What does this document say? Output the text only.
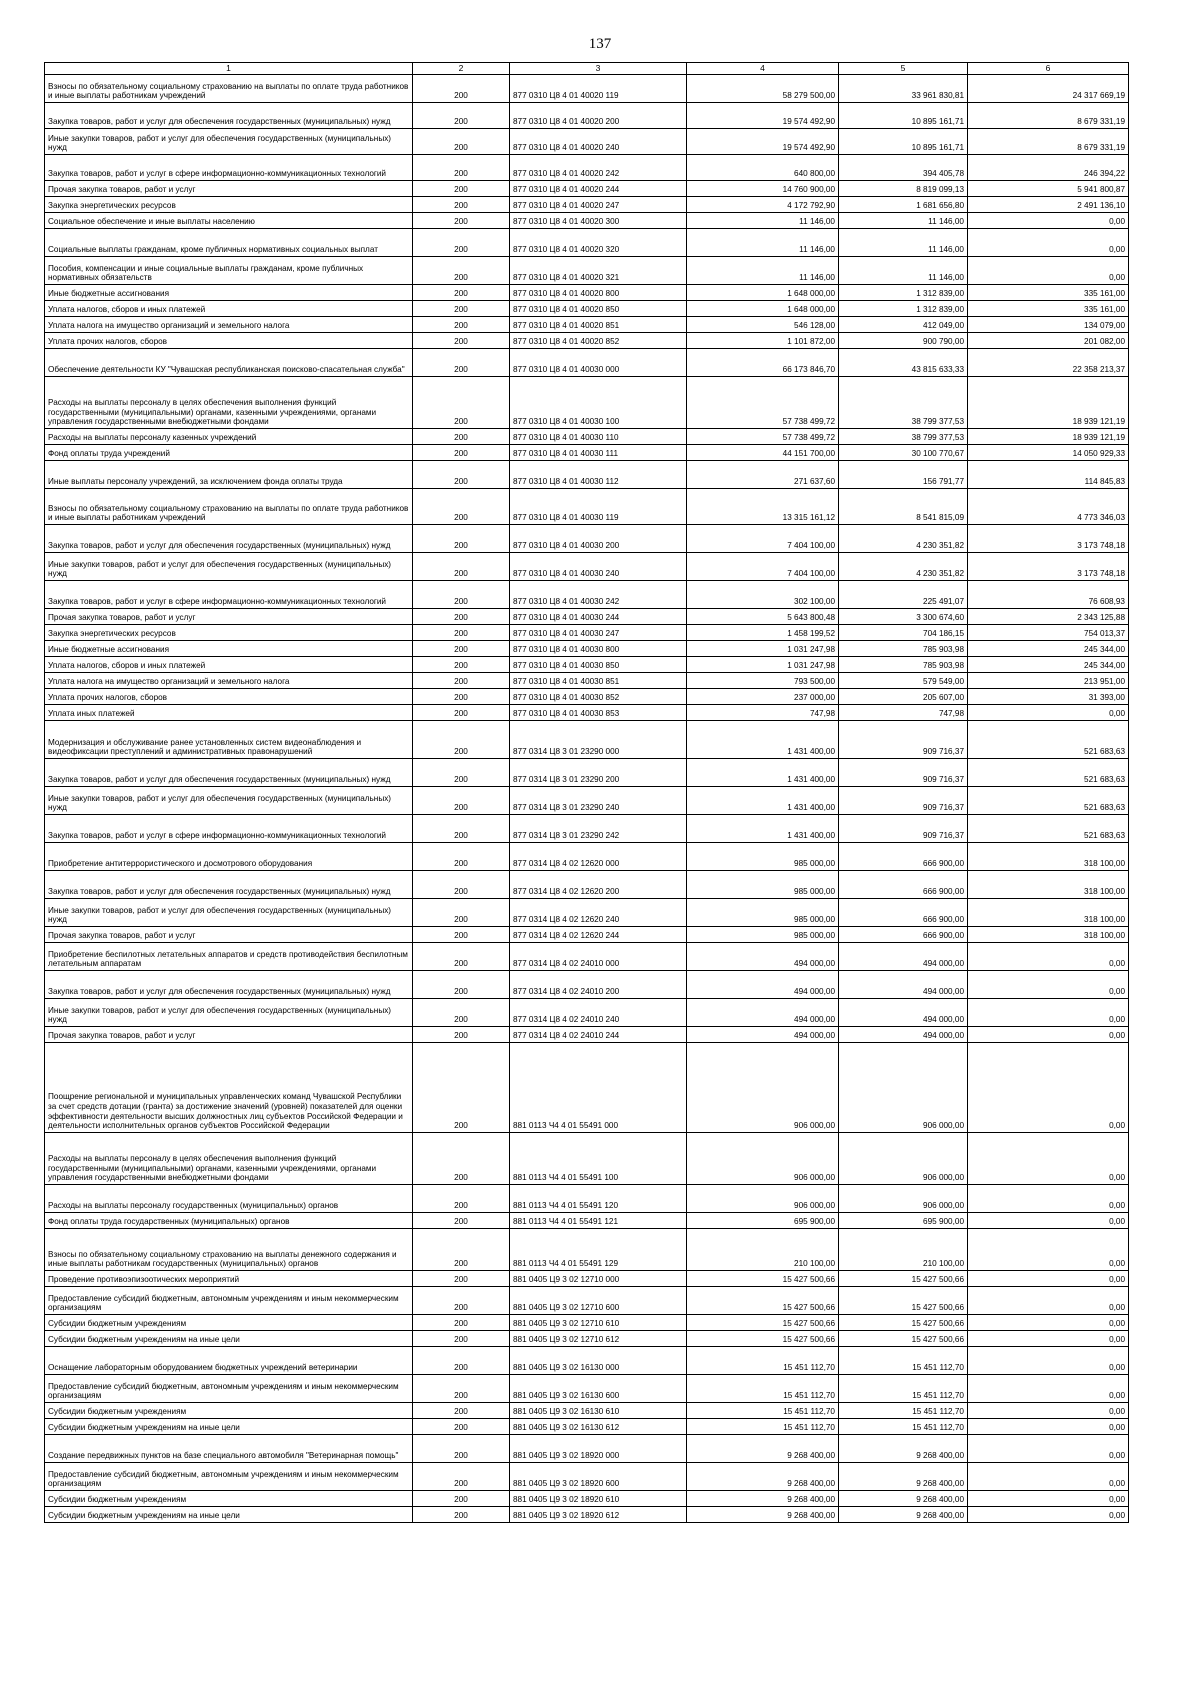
137
1	2	3	4	5	6
Взносы по обязательному социальному страхованию на выплаты по оплате труда работников и иные выплаты работникам учреждений	200	877 0310 Ц8 4 01 40020 119	58 279 500,00	33 961 830,81	24 317 669,19
Закупка товаров, работ и услуг для обеспечения государственных (муниципальных) нужд	200	877 0310 Ц8 4 01 40020 200	19 574 492,90	10 895 161,71	8 679 331,19
Иные закупки товаров, работ и услуг для обеспечения государственных (муниципальных) нужд	200	877 0310 Ц8 4 01 40020 240	19 574 492,90	10 895 161,71	8 679 331,19
Закупка товаров, работ и услуг в сфере информационно-коммуникационных технологий	200	877 0310 Ц8 4 01 40020 242	640 800,00	394 405,78	246 394,22
Прочая закупка товаров, работ и услуг	200	877 0310 Ц8 4 01 40020 244	14 760 900,00	8 819 099,13	5 941 800,87
Закупка энергетических ресурсов	200	877 0310 Ц8 4 01 40020 247	4 172 792,90	1 681 656,80	2 491 136,10
Социальное обеспечение и иные выплаты населению	200	877 0310 Ц8 4 01 40020 300	11 146,00	11 146,00	0,00
Социальные выплаты гражданам, кроме публичных нормативных социальных выплат	200	877 0310 Ц8 4 01 40020 320	11 146,00	11 146,00	0,00
Пособия, компенсации и иные социальные выплаты гражданам, кроме публичных нормативных обязательств	200	877 0310 Ц8 4 01 40020 321	11 146,00	11 146,00	0,00
Иные бюджетные ассигнования	200	877 0310 Ц8 4 01 40020 800	1 648 000,00	1 312 839,00	335 161,00
Уплата налогов, сборов и иных платежей	200	877 0310 Ц8 4 01 40020 850	1 648 000,00	1 312 839,00	335 161,00
Уплата налога на имущество организаций и земельного налога	200	877 0310 Ц8 4 01 40020 851	546 128,00	412 049,00	134 079,00
Уплата прочих налогов, сборов	200	877 0310 Ц8 4 01 40020 852	1 101 872,00	900 790,00	201 082,00
Обеспечение деятельности КУ "Чувашская республиканская поисково-спасательная служба"	200	877 0310 Ц8 4 01 40030 000	66 173 846,70	43 815 633,33	22 358 213,37
Расходы на выплаты персоналу в целях обеспечения выполнения функций государственными (муниципальными) органами, казенными учреждениями, органами управления государственными внебюджетными фондами	200	877 0310 Ц8 4 01 40030 100	57 738 499,72	38 799 377,53	18 939 121,19
Расходы на выплаты персоналу казенных учреждений	200	877 0310 Ц8 4 01 40030 110	57 738 499,72	38 799 377,53	18 939 121,19
Фонд оплаты труда учреждений	200	877 0310 Ц8 4 01 40030 111	44 151 700,00	30 100 770,67	14 050 929,33
Иные выплаты персоналу учреждений, за исключением фонда оплаты труда	200	877 0310 Ц8 4 01 40030 112	271 637,60	156 791,77	114 845,83
Взносы по обязательному социальному страхованию на выплаты по оплате труда работников и иные выплаты работникам учреждений	200	877 0310 Ц8 4 01 40030 119	13 315 161,12	8 541 815,09	4 773 346,03
Закупка товаров, работ и услуг для обеспечения государственных (муниципальных) нужд	200	877 0310 Ц8 4 01 40030 200	7 404 100,00	4 230 351,82	3 173 748,18
Иные закупки товаров, работ и услуг для обеспечения государственных (муниципальных) нужд	200	877 0310 Ц8 4 01 40030 240	7 404 100,00	4 230 351,82	3 173 748,18
Закупка товаров, работ и услуг в сфере информационно-коммуникационных технологий	200	877 0310 Ц8 4 01 40030 242	302 100,00	225 491,07	76 608,93
Прочая закупка товаров, работ и услуг	200	877 0310 Ц8 4 01 40030 244	5 643 800,48	3 300 674,60	2 343 125,88
Закупка энергетических ресурсов	200	877 0310 Ц8 4 01 40030 247	1 458 199,52	704 186,15	754 013,37
Иные бюджетные ассигнования	200	877 0310 Ц8 4 01 40030 800	1 031 247,98	785 903,98	245 344,00
Уплата налогов, сборов и иных платежей	200	877 0310 Ц8 4 01 40030 850	1 031 247,98	785 903,98	245 344,00
Уплата налога на имущество организаций и земельного налога	200	877 0310 Ц8 4 01 40030 851	793 500,00	579 549,00	213 951,00
Уплата прочих налогов, сборов	200	877 0310 Ц8 4 01 40030 852	237 000,00	205 607,00	31 393,00
Уплата иных платежей	200	877 0310 Ц8 4 01 40030 853	747,98	747,98	0,00
Модернизация и обслуживание ранее установленных систем видеонаблюдения и видеофиксации преступлений и административных правонарушений	200	877 0314 Ц8 3 01 23290 000	1 431 400,00	909 716,37	521 683,63
Закупка товаров, работ и услуг для обеспечения государственных (муниципальных) нужд	200	877 0314 Ц8 3 01 23290 200	1 431 400,00	909 716,37	521 683,63
Иные закупки товаров, работ и услуг для обеспечения государственных (муниципальных) нужд	200	877 0314 Ц8 3 01 23290 240	1 431 400,00	909 716,37	521 683,63
Закупка товаров, работ и услуг в сфере информационно-коммуникационных технологий	200	877 0314 Ц8 3 01 23290 242	1 431 400,00	909 716,37	521 683,63
Приобретение антитеррористического и досмотрового оборудования	200	877 0314 Ц8 4 02 12620 000	985 000,00	666 900,00	318 100,00
Закупка товаров, работ и услуг для обеспечения государственных (муниципальных) нужд	200	877 0314 Ц8 4 02 12620 200	985 000,00	666 900,00	318 100,00
Иные закупки товаров, работ и услуг для обеспечения государственных (муниципальных) нужд	200	877 0314 Ц8 4 02 12620 240	985 000,00	666 900,00	318 100,00
Прочая закупка товаров, работ и услуг	200	877 0314 Ц8 4 02 12620 244	985 000,00	666 900,00	318 100,00
Приобретение беспилотных летательных аппаратов и средств противодействия беспилотным летательным аппаратам	200	877 0314 Ц8 4 02 24010 000	494 000,00	494 000,00	0,00
Закупка товаров, работ и услуг для обеспечения государственных (муниципальных) нужд	200	877 0314 Ц8 4 02 24010 200	494 000,00	494 000,00	0,00
Иные закупки товаров, работ и услуг для обеспечения государственных (муниципальных) нужд	200	877 0314 Ц8 4 02 24010 240	494 000,00	494 000,00	0,00
Прочая закупка товаров, работ и услуг	200	877 0314 Ц8 4 02 24010 244	494 000,00	494 000,00	0,00
Поощрение региональной и муниципальных управленческих команд Чувашской Республики за счет средств дотации (гранта) за достижение значений (уровней) показателей для оценки эффективности деятельности высших должностных лиц субъектов Российской Федерации и деятельности исполнительных органов субъектов Российской Федерации	200	881 0113 Ч4 4 01 55491 000	906 000,00	906 000,00	0,00
Расходы на выплаты персоналу в целях обеспечения выполнения функций государственными (муниципальными) органами, казенными учреждениями, органами управления государственными внебюджетными фондами	200	881 0113 Ч4 4 01 55491 100	906 000,00	906 000,00	0,00
Расходы на выплаты персоналу государственных (муниципальных) органов	200	881 0113 Ч4 4 01 55491 120	906 000,00	906 000,00	0,00
Фонд оплаты труда государственных (муниципальных) органов	200	881 0113 Ч4 4 01 55491 121	695 900,00	695 900,00	0,00
Взносы по обязательному социальному страхованию на выплаты денежного содержания и иные выплаты работникам государственных (муниципальных) органов	200	881 0113 Ч4 4 01 55491 129	210 100,00	210 100,00	0,00
Проведение противоэпизоотических мероприятий	200	881 0405 Ц9 3 02 12710 000	15 427 500,66	15 427 500,66	0,00
Предоставление субсидий бюджетным, автономным учреждениям и иным некоммерческим организациям	200	881 0405 Ц9 3 02 12710 600	15 427 500,66	15 427 500,66	0,00
Субсидии бюджетным учреждениям	200	881 0405 Ц9 3 02 12710 610	15 427 500,66	15 427 500,66	0,00
Субсидии бюджетным учреждениям на иные цели	200	881 0405 Ц9 3 02 12710 612	15 427 500,66	15 427 500,66	0,00
Оснащение лабораторным оборудованием бюджетных учреждений ветеринарии	200	881 0405 Ц9 3 02 16130 000	15 451 112,70	15 451 112,70	0,00
Предоставление субсидий бюджетным, автономным учреждениям и иным некоммерческим организациям	200	881 0405 Ц9 3 02 16130 600	15 451 112,70	15 451 112,70	0,00
Субсидии бюджетным учреждениям	200	881 0405 Ц9 3 02 16130 610	15 451 112,70	15 451 112,70	0,00
Субсидии бюджетным учреждениям на иные цели	200	881 0405 Ц9 3 02 16130 612	15 451 112,70	15 451 112,70	0,00
Создание передвижных пунктов на базе специального автомобиля "Ветеринарная помощь"	200	881 0405 Ц9 3 02 18920 000	9 268 400,00	9 268 400,00	0,00
Предоставление субсидий бюджетным, автономным учреждениям и иным некоммерческим организациям	200	881 0405 Ц9 3 02 18920 600	9 268 400,00	9 268 400,00	0,00
Субсидии бюджетным учреждениям	200	881 0405 Ц9 3 02 18920 610	9 268 400,00	9 268 400,00	0,00
Субсидии бюджетным учреждениям на иные цели	200	881 0405 Ц9 3 02 18920 612	9 268 400,00	9 268 400,00	0,00
